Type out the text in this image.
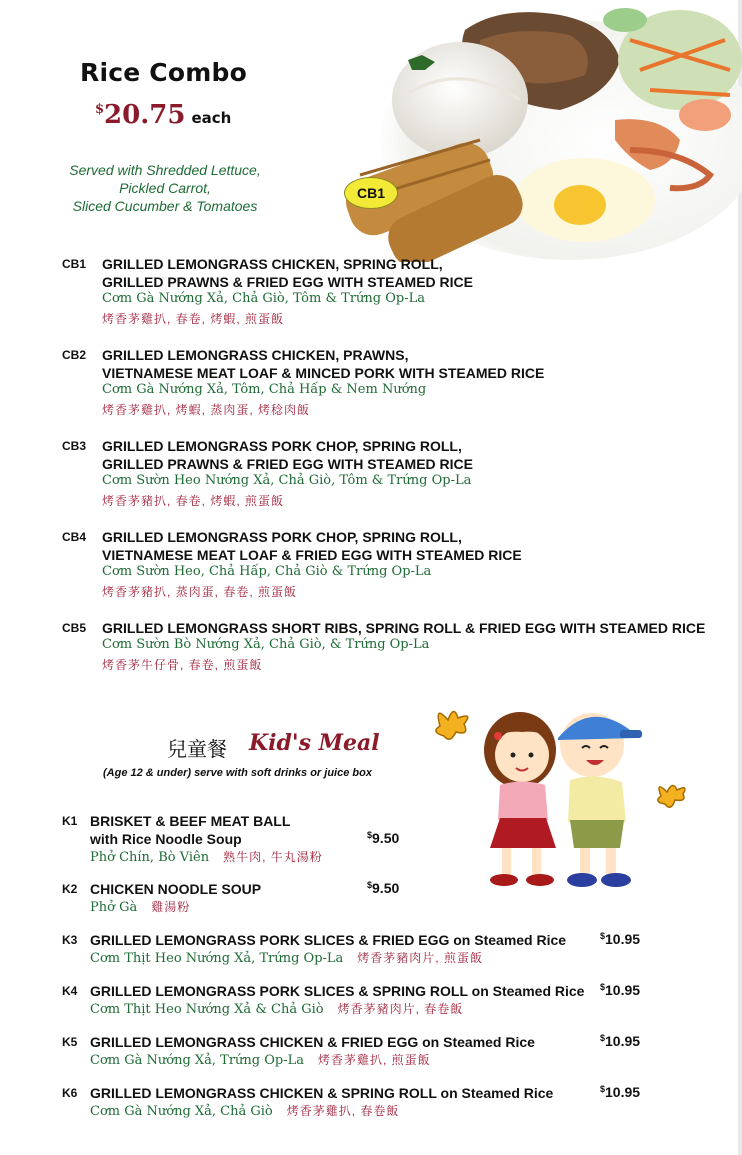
Rice Combo
$20.75 each
Served with Shredded Lettuce,
Pickled Carrot,
Sliced Cucumber & Tomatoes
CB1
CB1 GRILLED LEMONGRASS CHICKEN, SPRING ROLL,
GRILLED PRAWNS & FRIED EGG WITH STEAMED RICE
Cơm Gà Nướng Xả, Chả Giò, Tôm & Trứng Op-La
烤香茅雞扒, 春卷, 烤蝦, 煎蛋飯
CB2 GRILLED LEMONGRASS CHICKEN, PRAWNS,
VIETNAMESE MEAT LOAF & MINCED PORK WITH STEAMED RICE
Cơm Gà Nướng Xả, Tôm, Chả Hấp & Nem Nướng
烤香茅雞扒, 烤蝦, 蒸肉蛋, 烤稔肉飯
CB3 GRILLED LEMONGRASS PORK CHOP, SPRING ROLL,
GRILLED PRAWNS & FRIED EGG WITH STEAMED RICE
Cơm Sườn Heo Nướng Xả, Chả Giò, Tôm & Trứng Op-La
烤香茅豬扒, 春卷, 烤蝦, 煎蛋飯
CB4 GRILLED LEMONGRASS PORK CHOP, SPRING ROLL,
VIETNAMESE MEAT LOAF & FRIED EGG WITH STEAMED RICE
Cơm Sườn Heo, Chả Hấp, Chả Giò & Trứng Op-La
烤香茅豬扒, 蒸肉蛋, 春卷, 煎蛋飯
CB5 GRILLED LEMONGRASS SHORT RIBS, SPRING ROLL & FRIED EGG WITH STEAMED RICE
Cơm Sườn Bò Nướng Xả, Chả Giò, & Trứng Op-La
烤香茅牛仔骨, 春卷, 煎蛋飯
兒童餐 Kid's Meal
(Age 12 & under) serve with soft drinks or juice box
K1 BRISKET & BEEF MEAT BALL
with Rice Noodle Soup
Phở Chín, Bò Viên 熟牛肉, 牛丸湯粉
$9.50
K2 CHICKEN NOODLE SOUP
Phở Gà 雞湯粉
$9.50
K3 GRILLED LEMONGRASS PORK SLICES & FRIED EGG on Steamed Rice
Cơm Thịt Heo Nướng Xả, Trứng Op-La 烤香茅豬肉片, 煎蛋飯
$10.95
K4 GRILLED LEMONGRASS PORK SLICES & SPRING ROLL on Steamed Rice
Cơm Thịt Heo Nướng Xả & Chả Giò 烤香茅豬肉片, 春卷飯
$10.95
K5 GRILLED LEMONGRASS CHICKEN & FRIED EGG on Steamed Rice
Cơm Gà Nướng Xả, Trứng Op-La 烤香茅雞扒, 煎蛋飯
$10.95
K6 GRILLED LEMONGRASS CHICKEN & SPRING ROLL on Steamed Rice
Cơm Gà Nướng Xả, Chả Giò 烤香茅雞扒, 春卷飯
$10.95
